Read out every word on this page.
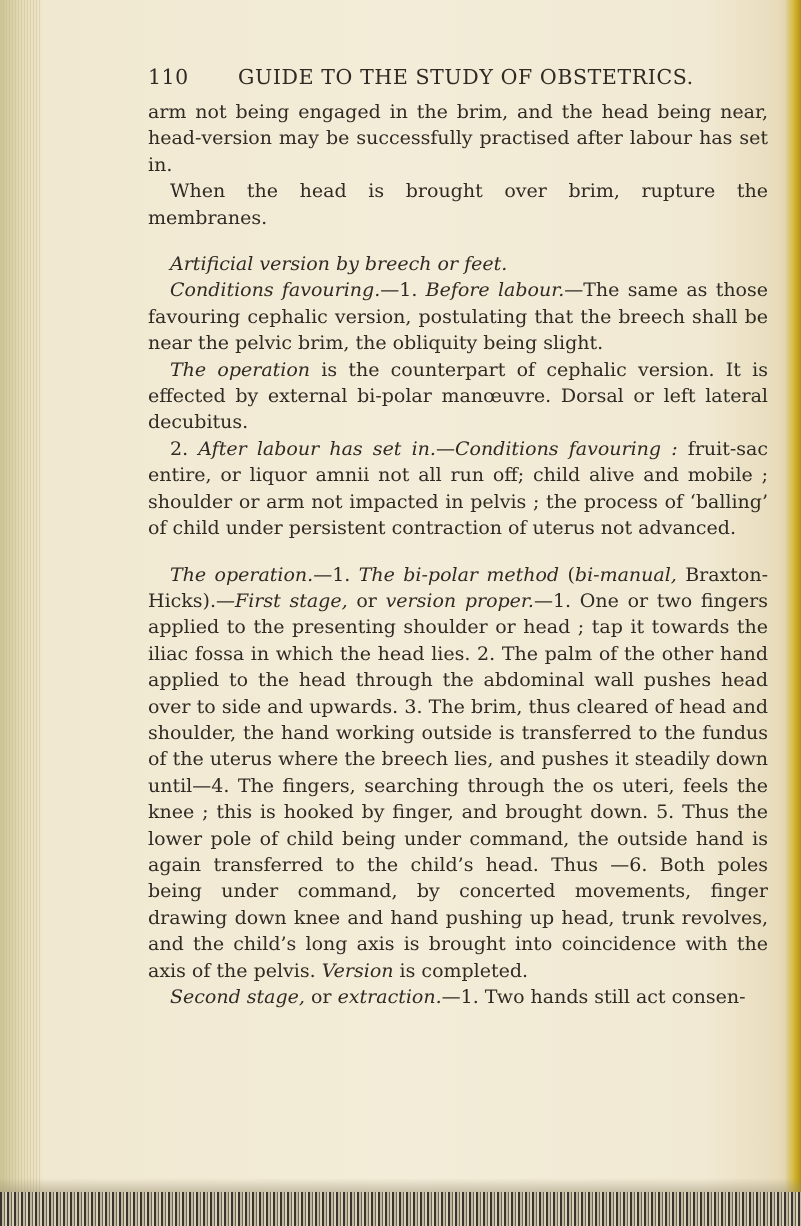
110 GUIDE TO THE STUDY OF OBSTETRICS.

arm not being engaged in the brim, and the head being near, head-version may be successfully practised after labour has set in.

When the head is brought over brim, rupture the membranes.

Artificial version by breech or feet.

Conditions favouring.—1. Before labour.—The same as those favouring cephalic version, postulating that the breech shall be near the pelvic brim, the obliquity being slight.

The operation is the counterpart of cephalic version. It is effected by external bi-polar manœuvre. Dorsal or left lateral decubitus.

2. After labour has set in.—Conditions favouring : fruit-sac entire, or liquor amnii not all run off; child alive and mobile ; shoulder or arm not impacted in pelvis ; the process of ‘balling’ of child under persistent contraction of uterus not advanced.

The operation.—1. The bi-polar method (bi-manual, Braxton-Hicks).—First stage, or version proper.—1. One or two fingers applied to the presenting shoulder or head ; tap it towards the iliac fossa in which the head lies. 2. The palm of the other hand applied to the head through the abdominal wall pushes head over to side and upwards. 3. The brim, thus cleared of head and shoulder, the hand working outside is transferred to the fundus of the uterus where the breech lies, and pushes it steadily down until—4. The fingers, searching through the os uteri, feels the knee ; this is hooked by finger, and brought down. 5. Thus the lower pole of child being under command, the outside hand is again transferred to the child’s head. Thus —6. Both poles being under command, by concerted movements, finger drawing down knee and hand pushing up head, trunk revolves, and the child’s long axis is brought into coincidence with the axis of the pelvis. Version is completed.

Second stage, or extraction.—1. Two hands still act consen-
